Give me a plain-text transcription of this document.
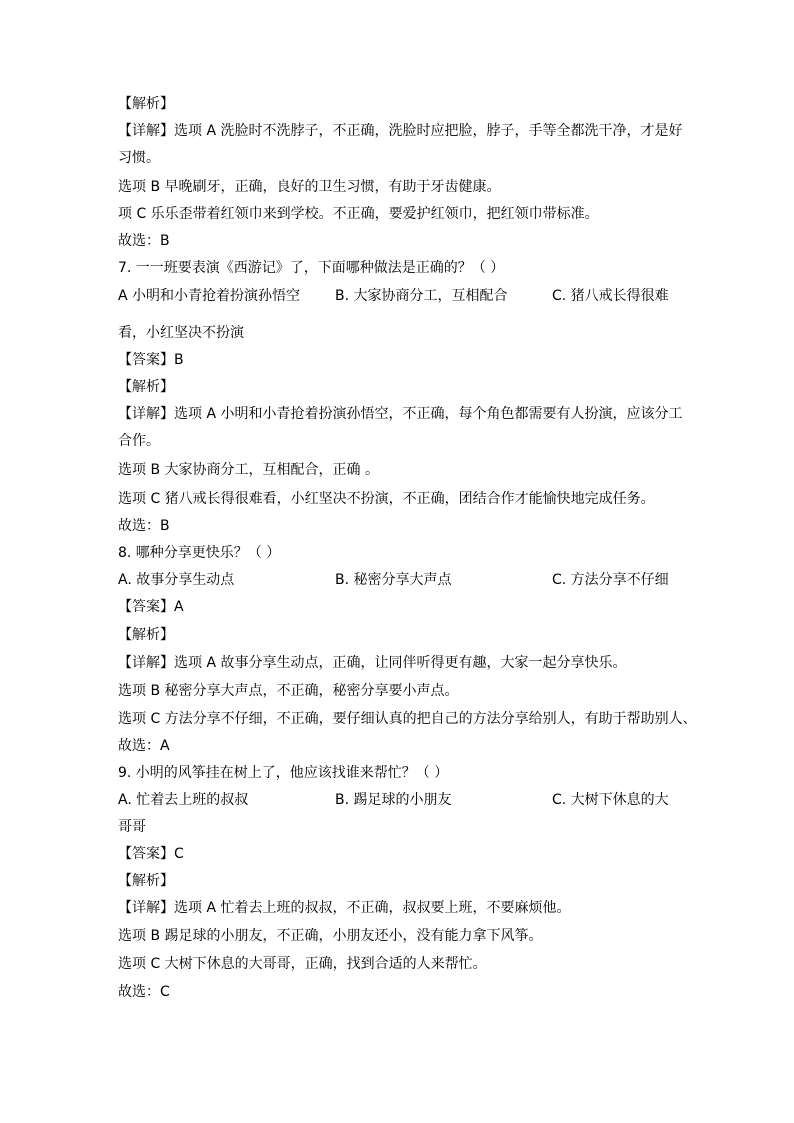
【解析】
【详解】选项 A 洗脸时不洗脖子，不正确，洗脸时应把脸，脖子，手等全都洗干净，才是好
习惯。
选项 B 早晚刷牙，正确，良好的卫生习惯，有助于牙齿健康。
项 C 乐乐歪带着红领巾来到学校。不正确，要爱护红领巾，把红领巾带标准。
故选：B
7. 一一班要表演《西游记》了，下面哪种做法是正确的？（ ）
A 小明和小青抢着扮演孙悟空 B. 大家协商分工，互相配合	C. 猪八戒长得很难
看，小红坚决不扮演
【答案】B
【解析】
【详解】选项 A 小明和小青抢着扮演孙悟空，不正确，每个角色都需要有人扮演，应该分工
合作。
选项 B 大家协商分工，互相配合，正确 。
选项 C 猪八戒长得很难看，小红坚决不扮演，不正确，团结合作才能愉快地完成任务。
故选：B
8. 哪种分享更快乐？（ ）
A. 故事分享生动点	B. 秘密分享大声点	C. 方法分享不仔细
【答案】A
【解析】
【详解】选项 A 故事分享生动点，正确，让同伴听得更有趣，大家一起分享快乐。
选项 B 秘密分享大声点，不正确，秘密分享要小声点。
选项 C 方法分享不仔细，不正确，要仔细认真的把自己的方法分享给别人，有助于帮助别人、
故选：A
9. 小明的风筝挂在树上了，他应该找谁来帮忙？（ ）
A. 忙着去上班的叔叔	B. 踢足球的小朋友	C. 大树下休息的大
哥哥
【答案】C
【解析】
【详解】选项 A 忙着去上班的叔叔，不正确，叔叔要上班，不要麻烦他。
选项 B 踢足球的小朋友，不正确，小朋友还小，没有能力拿下风筝。
选项 C 大树下休息的大哥哥，正确，找到合适的人来帮忙。
故选：C
